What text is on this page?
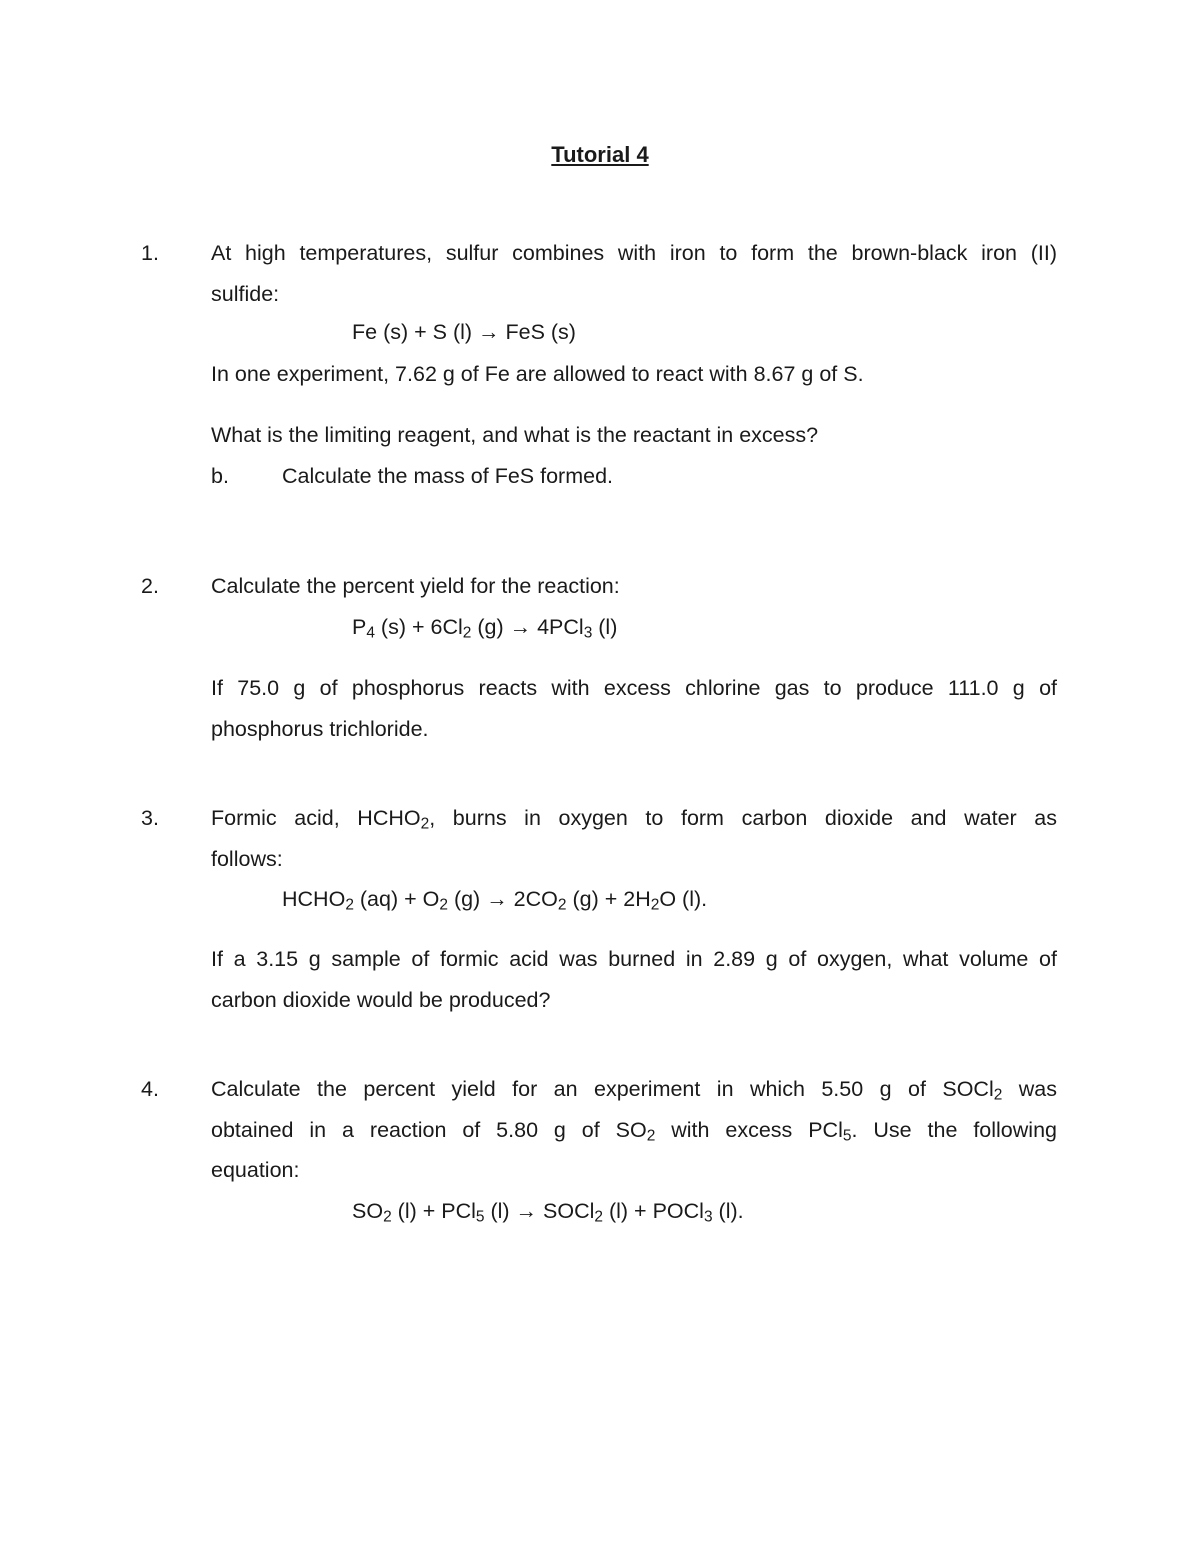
Tutorial 4
1. At high temperatures, sulfur combines with iron to form the brown-black iron (II)
sulfide:
Fe (s) + S (l) → FeS (s)
In one experiment, 7.62 g of Fe are allowed to react with 8.67 g of S.
What is the limiting reagent, and what is the reactant in excess?
b. Calculate the mass of FeS formed.
2. Calculate the percent yield for the reaction:
$P_4$ $(s) + 6Cl_2$ (g) → 4PCl$_3$ (l)
If 75.0 g of phosphorus reacts with excess chlorine gas to produce 111.0 g of
phosphorus trichloride.
3. Formic acid, $HCHO_2$, burns in oxygen to form carbon dioxide and water as
follows:
$HCHO_2$ $(aq) + O_2$ $(g) \to 2CO_2$ $(g) + 2H_2O$ (l).
If a 3.15 g sample of formic acid was burned in 2.89 g of oxygen, what volume of
carbon dioxide would be produced?
4. Calculate the percent yield for an experiment in which 5.50 g of SOCl$_2$ was
obtained in a reaction of 5.80 g of $SO_2$ with excess PCl$_5$. Use the following
equation:
$SO_2$ (l) + PCl$_5$ (l) → SOCl$_2$ (l) + POCl$_3$ (l).
